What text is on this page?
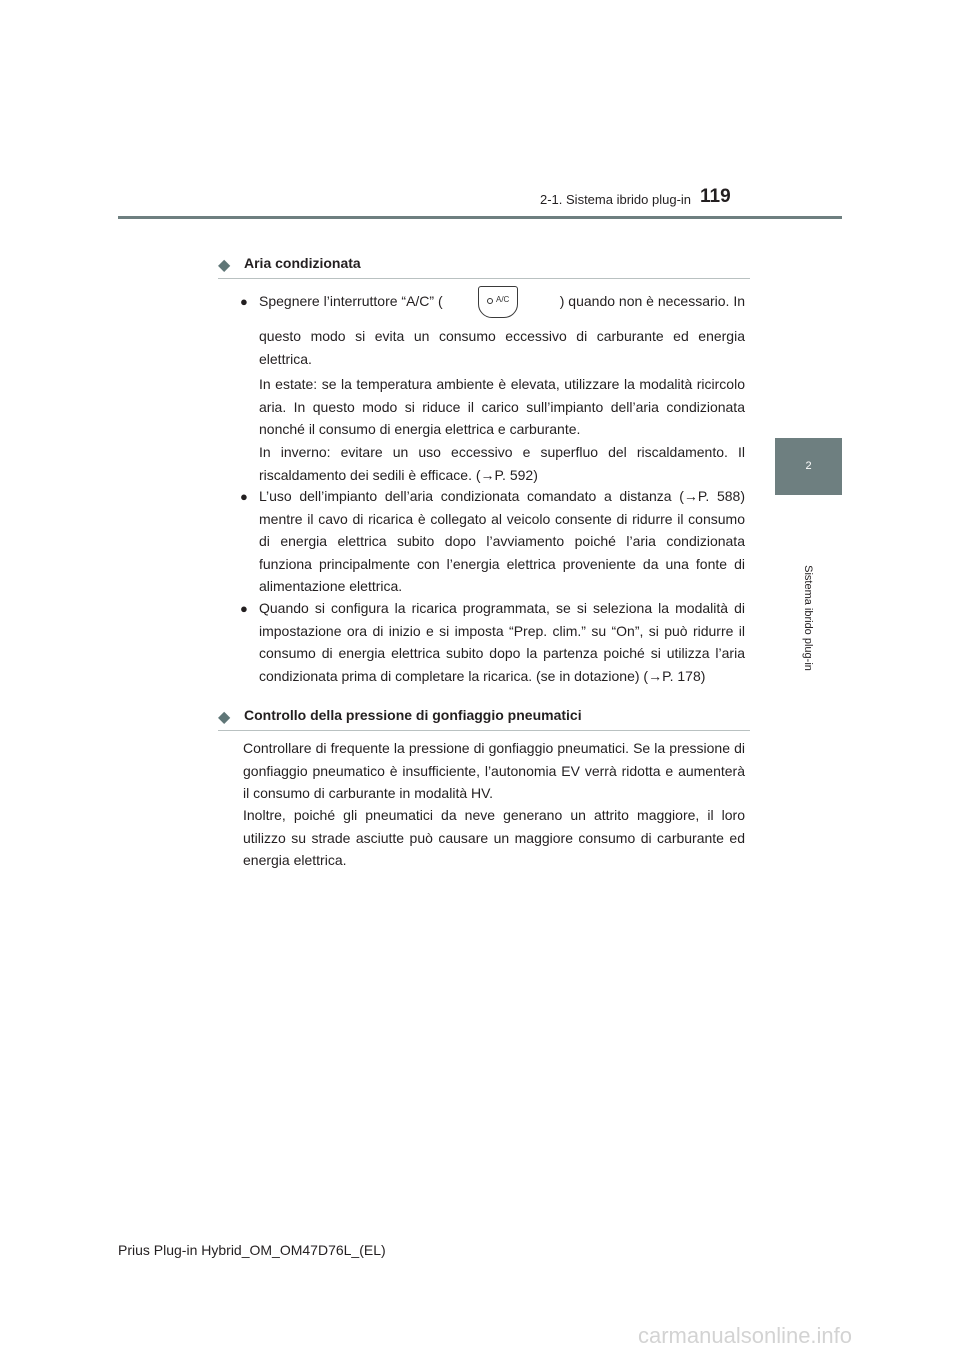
2-1. Sistema ibrido plug-in 119
2
Sistema ibrido plug-in
◆ Aria condizionata
● Spegnere l’interruttore “A/C” (	A/C	) quando non è necessario. In
questo modo si evita un consumo eccessivo di carburante ed energia elettrica.
In estate: se la temperatura ambiente è elevata, utilizzare la modalità ricircolo aria. In questo modo si riduce il carico sull’impianto dell’aria condizionata nonché il consumo di energia elettrica e carburante.
In inverno: evitare un uso eccessivo e superfluo del riscaldamento. Il riscaldamento dei sedili è efficace. (→P. 592)
● L’uso dell’impianto dell’aria condizionata comandato a distanza (→P. 588) mentre il cavo di ricarica è collegato al veicolo consente di ridurre il consumo di energia elettrica subito dopo l’avviamento poiché l’aria condizionata funziona principalmente con l’energia elettrica proveniente da una fonte di alimentazione elettrica.
● Quando si configura la ricarica programmata, se si seleziona la modalità di impostazione ora di inizio e si imposta “Prep. clim.” su “On”, si può ridurre il consumo di energia elettrica subito dopo la partenza poiché si utilizza l’aria condizionata prima di completare la ricarica. (se in dotazione) (→P. 178)
◆ Controllo della pressione di gonfiaggio pneumatici
Controllare di frequente la pressione di gonfiaggio pneumatici. Se la pressione di gonfiaggio pneumatico è insufficiente, l’autonomia EV verrà ridotta e aumenterà il consumo di carburante in modalità HV.
Inoltre, poiché gli pneumatici da neve generano un attrito maggiore, il loro utilizzo su strade asciutte può causare un maggiore consumo di carburante ed energia elettrica.
Prius Plug-in Hybrid_OM_OM47D76L_(EL)
carmanualsonline.info
